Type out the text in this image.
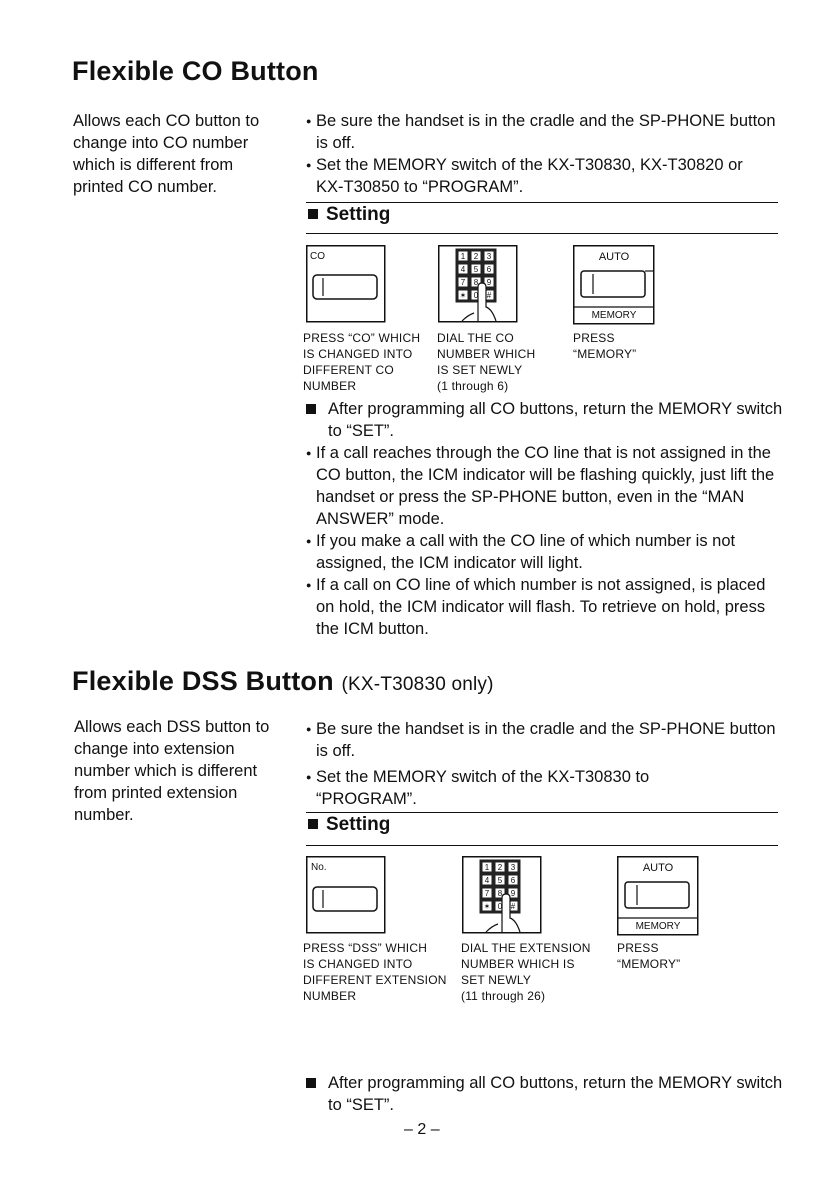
Flexible CO Button
Allows each CO button to change into CO number which is different from printed CO number.
● Be sure the handset is in the cradle and the SP-PHONE button is off.
● Set the MEMORY switch of the KX-T30830, KX-T30820 or KX-T30850 to “PROGRAM”.
Setting
CO
PRESS “CO” WHICH
IS CHANGED INTO
DIFFERENT CO
NUMBER
1 2 3
4 5 6
7 8 9
✶ 0 #
DIAL THE CO
NUMBER WHICH
IS SET NEWLY
(1 through 6)
AUTO
MEMORY
PRESS
“MEMORY”
After programming all CO buttons, return the MEMORY switch to “SET”.
● If a call reaches through the CO line that is not assigned in the CO button, the ICM indicator will be flashing quickly, just lift the handset or press the SP-PHONE button, even in the “MAN ANSWER” mode.
● If you make a call with the CO line of which number is not assigned, the ICM indicator will light.
● If a call on CO line of which number is not assigned, is placed on hold, the ICM indicator will flash. To retrieve on hold, press the ICM button.
Flexible DSS Button (KX-T30830 only)
Allows each DSS button to change into extension number which is different from printed extension number.
● Be sure the handset is in the cradle and the SP-PHONE button is off.
● Set the MEMORY switch of the KX-T30830 to “PROGRAM”.
Setting
No.
PRESS “DSS” WHICH
IS CHANGED INTO
DIFFERENT EXTENSION
NUMBER
1 2 3
4 5 6
7 8 9
✶ 0 #
DIAL THE EXTENSION
NUMBER WHICH IS
SET NEWLY
(11 through 26)
AUTO
MEMORY
PRESS
“MEMORY”
After programming all CO buttons, return the MEMORY switch to “SET”.
– 2 –
